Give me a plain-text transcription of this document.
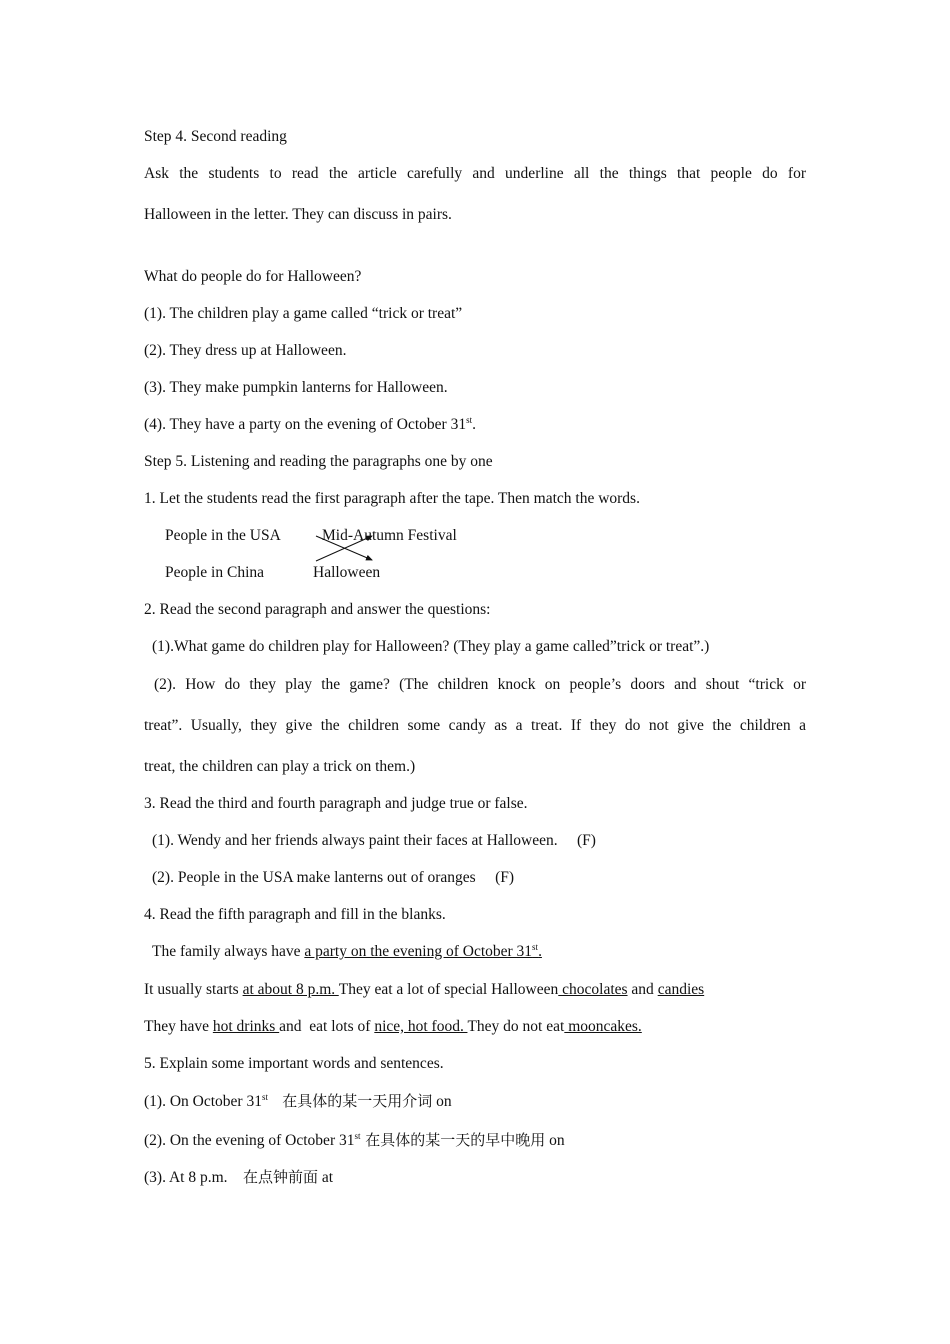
Step 4. Second reading
Ask the students to read the article carefully and underline all the things that people do for
Halloween in the letter. They can discuss in pairs.
What do people do for Halloween?
(1). The children play a game called “trick or treat”
(2). They dress up at Halloween.
(3). They make pumpkin lanterns for Halloween.
(4). They have a party on the evening of October 31st.
Step 5. Listening and reading the paragraphs one by one
1. Let the students read the first paragraph after the tape. Then match the words.
People in the USA
People in China
Mid-Autumn Festival
Halloween
2. Read the second paragraph and answer the questions:
(1).What game do children play for Halloween? (They play a game called”trick or treat”.)
(2). How do they play the game? (The children knock on people’s doors and shout “trick or
treat”. Usually, they give the children some candy as a treat. If they do not give the children a
treat, the children can play a trick on them.)
3. Read the third and fourth paragraph and judge true or false.
(1). Wendy and her friends always paint their faces at Halloween.     (F)
(2). People in the USA make lanterns out of oranges     (F)
4. Read the fifth paragraph and fill in the blanks.
The family always have a party on the evening of October 31st.
It usually starts at about 8 p.m. They eat a lot of special Halloween chocolates and candies
They have hot drinks and  eat lots of nice, hot food. They do not eat mooncakes.
5. Explain some important words and sentences.
(1). On October 31st   在具体的某一天用介词 on
(2). On the evening of October 31st 在具体的某一天的早中晚用 on
(3). At 8 p.m.    在点钟前面 at
